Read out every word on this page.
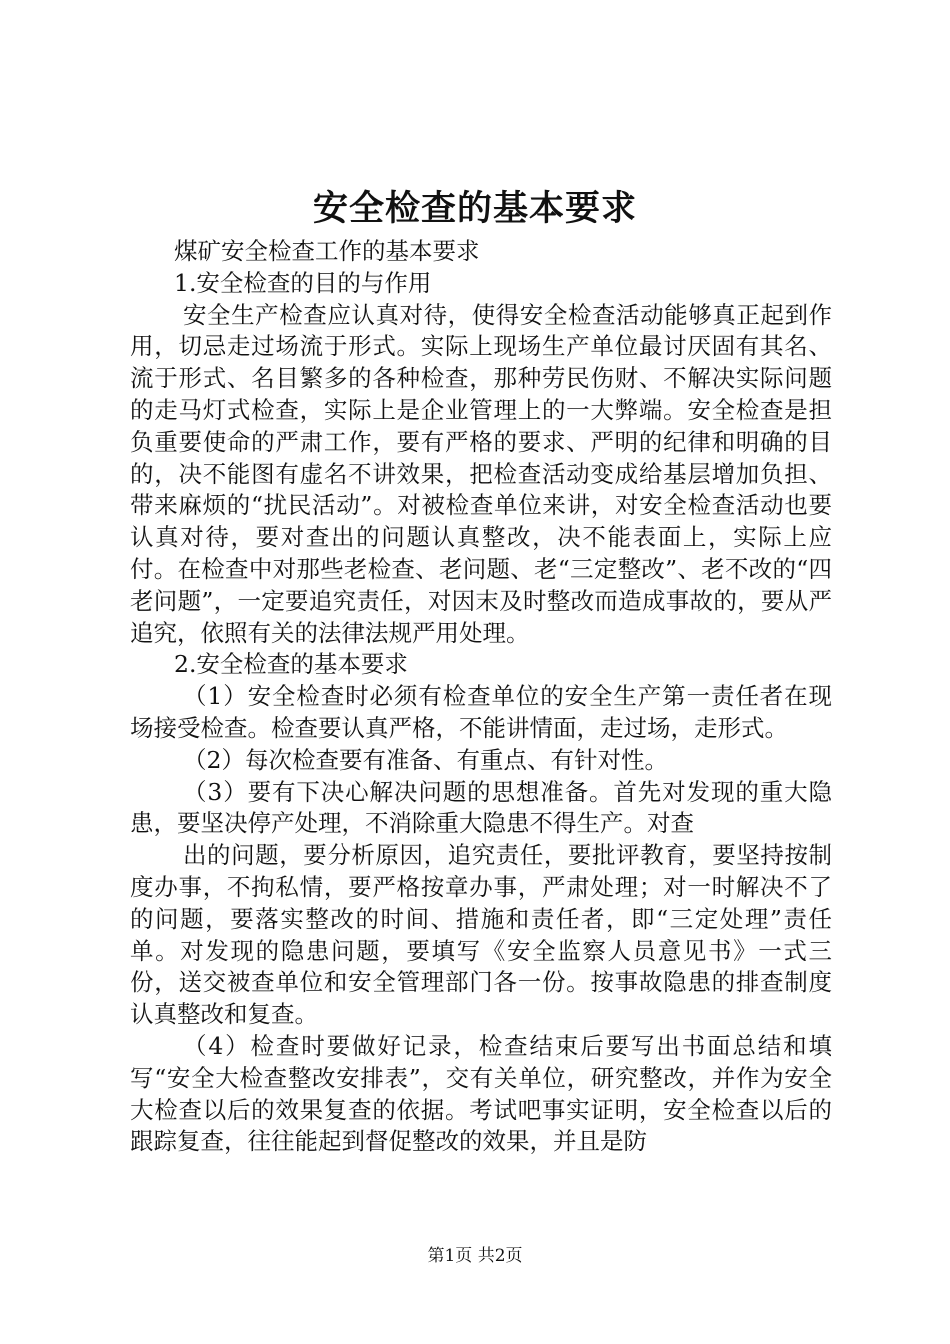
安全检查的基本要求

煤矿安全检查工作的基本要求

1.安全检查的目的与作用

安全生产检查应认真对待，使得安全检查活动能够真正起到作用，切忌走过场流于形式。实际上现场生产单位最讨厌固有其名、流于形式、名目繁多的各种检查，那种劳民伤财、不解决实际问题的走马灯式检查，实际上是企业管理上的一大弊端。安全检查是担负重要使命的严肃工作，要有严格的要求、严明的纪律和明确的目的，决不能图有虚名不讲效果，把检查活动变成给基层增加负担、带来麻烦的“扰民活动”。对被检查单位来讲，对安全检查活动也要认真对待，要对查出的问题认真整改，决不能表面上，实际上应付。在检查中对那些老检查、老问题、老“三定整改”、老不改的“四老问题”，一定要追究责任，对因末及时整改而造成事故的，要从严追究，依照有关的法律法规严用处理。

2.安全检查的基本要求

（1）安全检查时必须有检查单位的安全生产第一责任者在现场接受检查。检查要认真严格，不能讲情面，走过场，走形式。

（2）每次检查要有准备、有重点、有针对性。

（3）要有下决心解决问题的思想准备。首先对发现的重大隐患，要坚决停产处理，不消除重大隐患不得生产。对查

出的问题，要分析原因，追究责任，要批评教育，要坚持按制度办事，不拘私情，要严格按章办事，严肃处理；对一时解决不了的问题，要落实整改的时间、措施和责任者，即“三定处理”责任单。对发现的隐患问题，要填写《安全监察人员意见书》一式三份，送交被查单位和安全管理部门各一份。按事故隐患的排查制度认真整改和复查。

（4）检查时要做好记录，检查结束后要写出书面总结和填写“安全大检查整改安排表”，交有关单位，研究整改，并作为安全大检查以后的效果复查的依据。考试吧事实证明，安全检查以后的跟踪复查，往往能起到督促整改的效果，并且是防

第1页 共2页
